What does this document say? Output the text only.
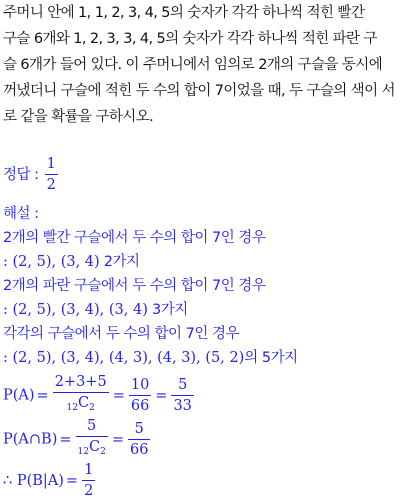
주머니 안에 1, 1, 2, 3, 4, 5의 숫자가 각각 하나씩 적힌 빨간
구슬 6개와 1, 2, 3, 3, 4, 5의 숫자가 각각 하나씩 적힌 파란 구
슬 6개가 들어 있다. 이 주머니에서 임의로 2개의 구슬을 동시에
꺼냈더니 구슬에 적힌 두 수의 합이 7이었을 때, 두 구슬의 색이 서
로 같을 확률을 구하시오.
정답 : $\frac{1}{2}$
해설 :
2개의 빨간 구슬에서 두 수의 합이 7인 경우
: (2, 5), (3, 4) 2가지
2개의 파란 구슬에서 두 수의 합이 7인 경우
: (2, 5), (3, 4), (3, 4) 3가지
각각의 구슬에서 두 수의 합이 7인 경우
: (2, 5), (3, 4), (4, 3), (4, 3), (5, 2)의 5가지
$P(A) = \frac{2+3+5}{_{12}C_2} = \frac{10}{66} = \frac{5}{33}$
P(A∩B) = $\frac{5}{_{12}C_2} = \frac{5}{66}$
∴ $P(B|A) = \frac{1}{2}$
